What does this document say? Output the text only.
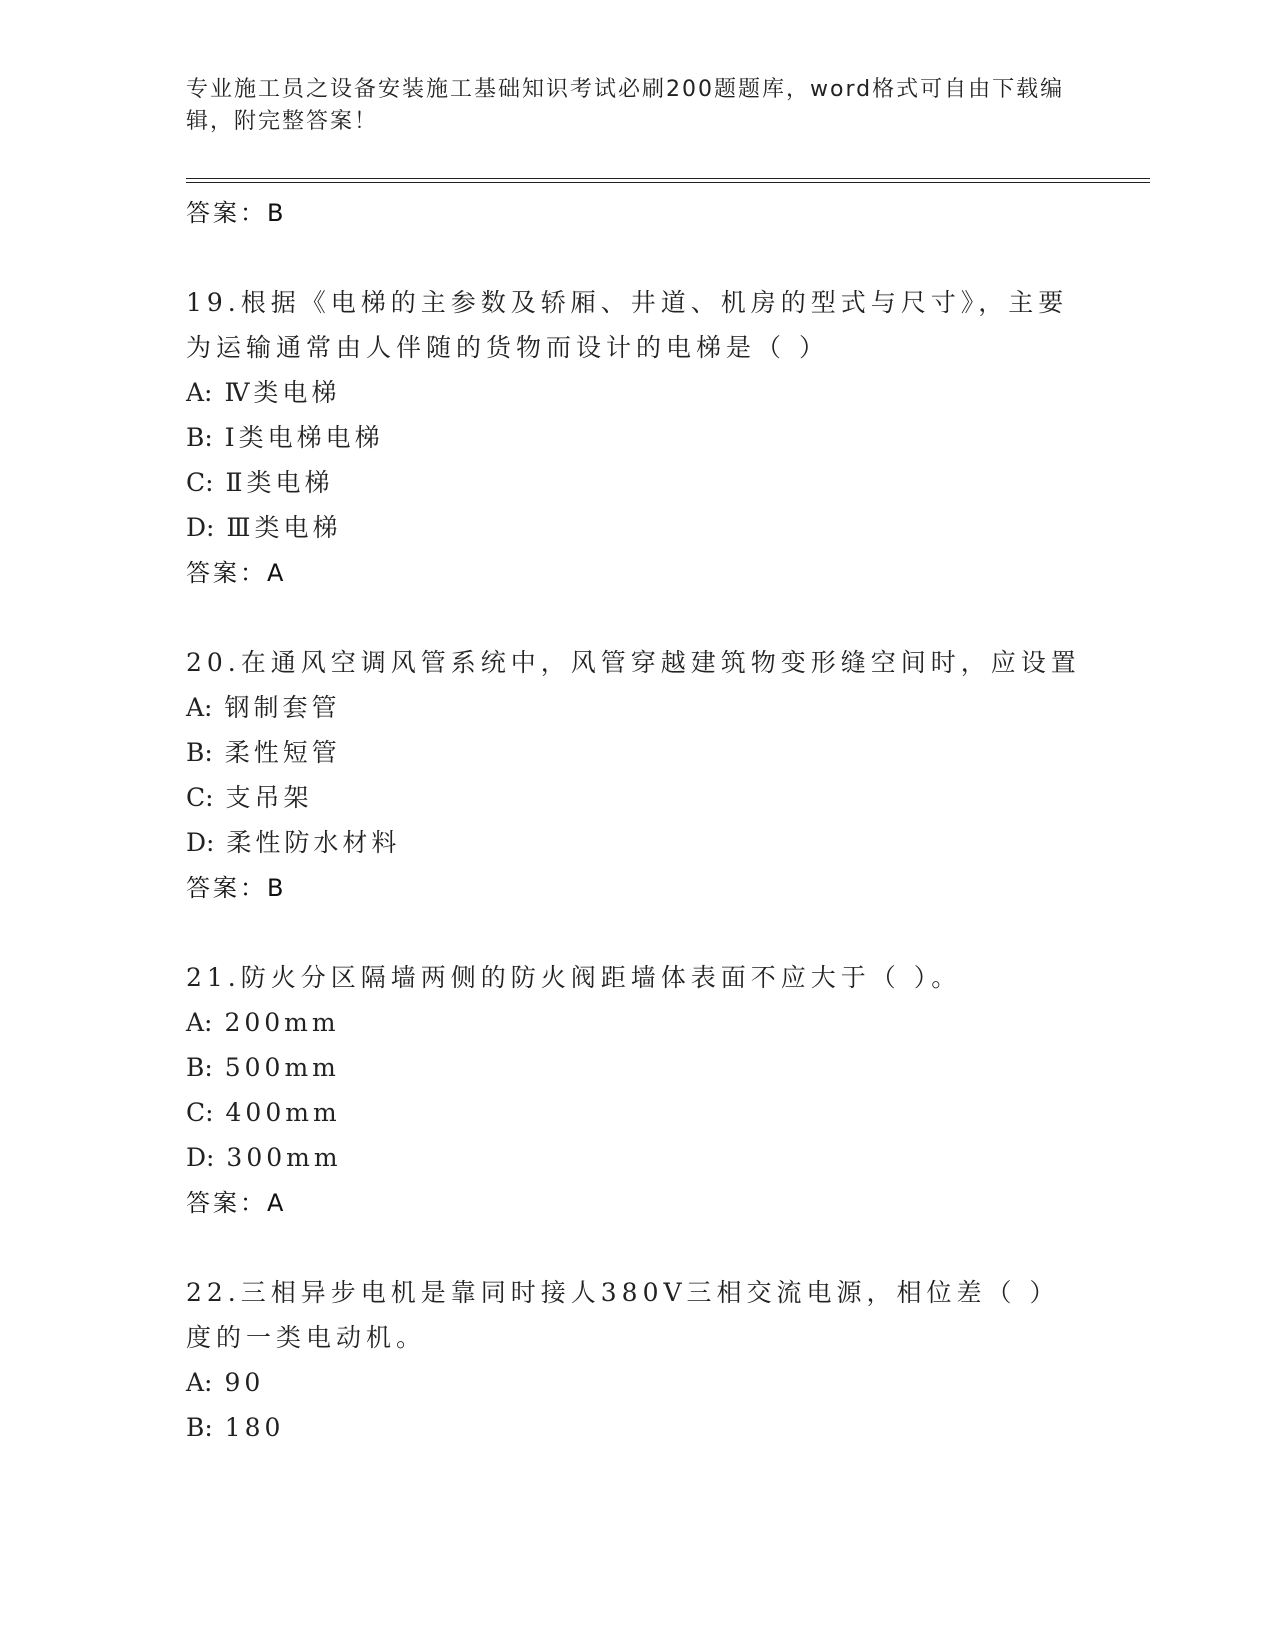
专业施工员之设备安装施工基础知识考试必刷200题题库，word格式可自由下载编辑，附完整答案！
答案：B
19.根据《电梯的主参数及轿厢、井道、机房的型式与尺寸》，主要为运输通常由人伴随的货物而设计的电梯是（ ）
A: Ⅳ类电梯
B: Ⅰ类电梯电梯
C: Ⅱ类电梯
D: Ⅲ类电梯
答案：A
20.在通风空调风管系统中，风管穿越建筑物变形缝空间时，应设置
A: 钢制套管
B: 柔性短管
C: 支吊架
D: 柔性防水材料
答案：B
21.防火分区隔墙两侧的防火阀距墙体表面不应大于（ ）。
A: 200mm
B: 500mm
C: 400mm
D: 300mm
答案：A
22.三相异步电机是靠同时接人380V三相交流电源，相位差（ ）度的一类电动机。
A: 90
B: 180
